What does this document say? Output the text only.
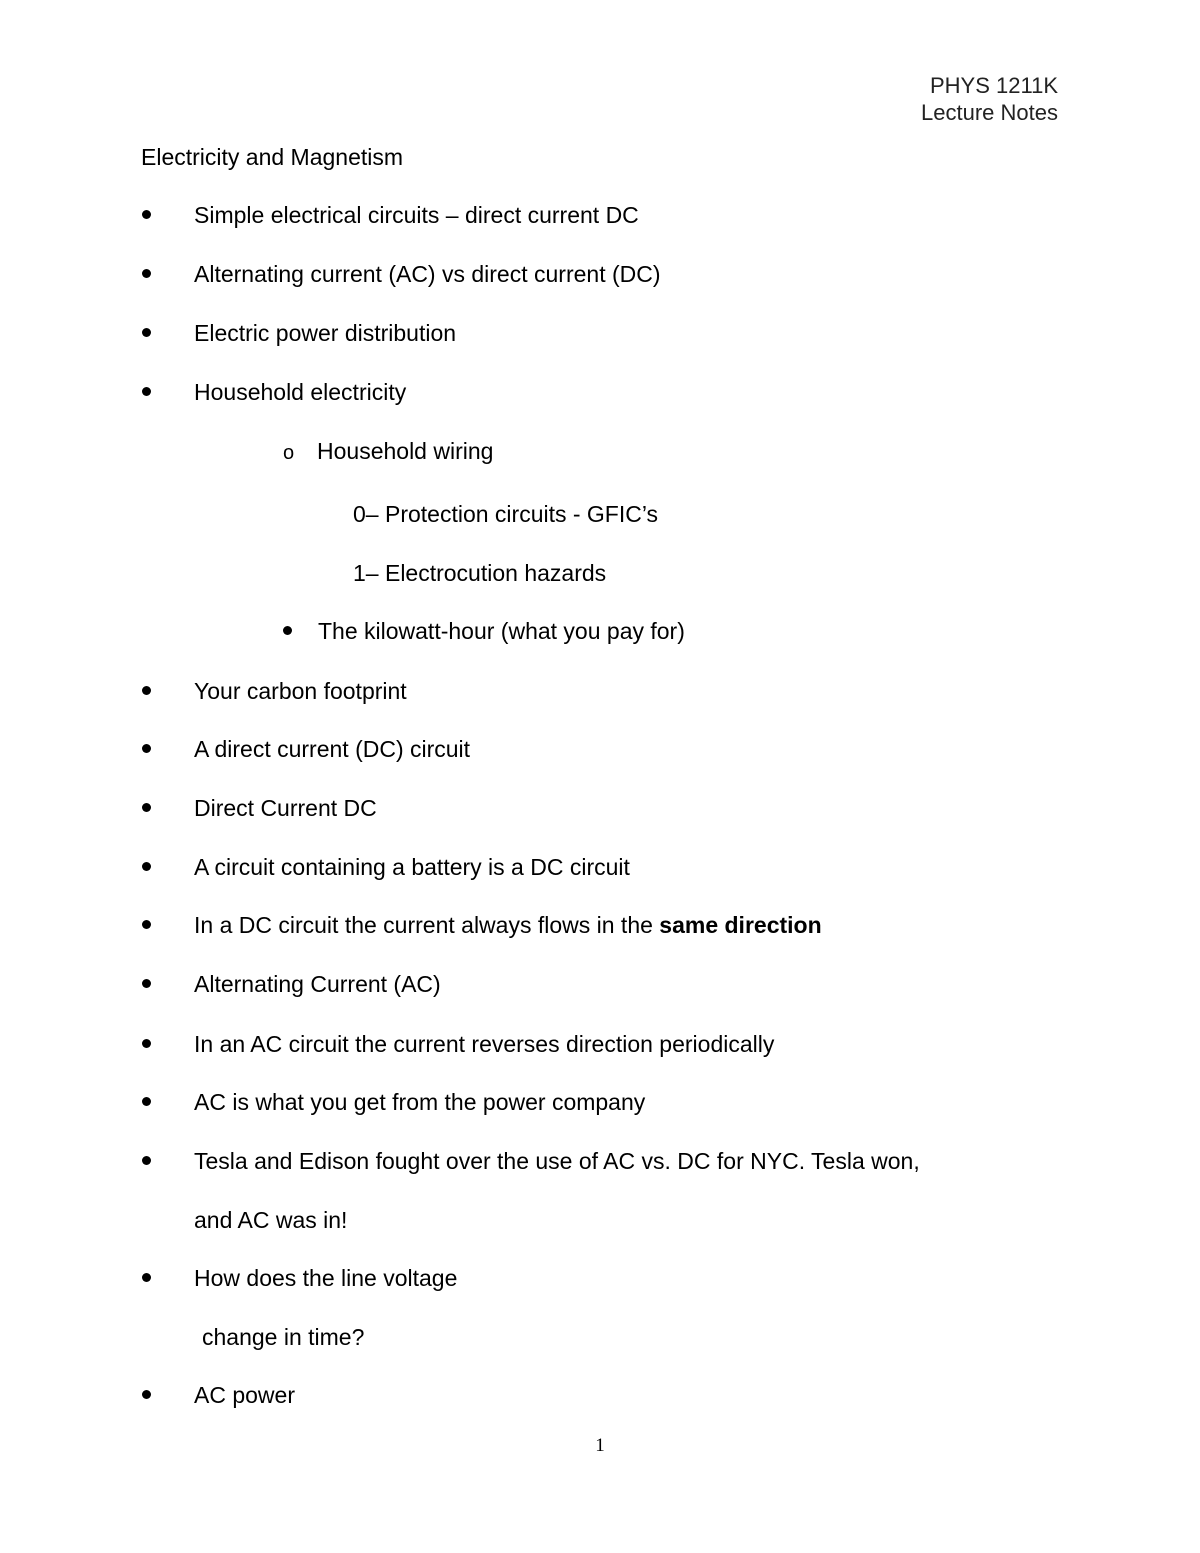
PHYS 1211K
Lecture Notes
Electricity and Magnetism
Simple electrical circuits – direct current DC
Alternating current (AC) vs direct current (DC)
Electric power distribution
Household electricity
o Household wiring
0– Protection circuits - GFIC’s
1– Electrocution hazards
The kilowatt-hour (what you pay for)
Your carbon footprint
A direct current (DC) circuit
Direct Current DC
A circuit containing a battery is a DC circuit
In a DC circuit the current always flows in the same direction
Alternating Current (AC)
In an AC circuit the current reverses direction periodically
AC is what you get from the power company
Tesla and Edison fought over the use of AC vs. DC for NYC. Tesla won,
and AC was in!
How does the line voltage
change in time?
AC power
1
